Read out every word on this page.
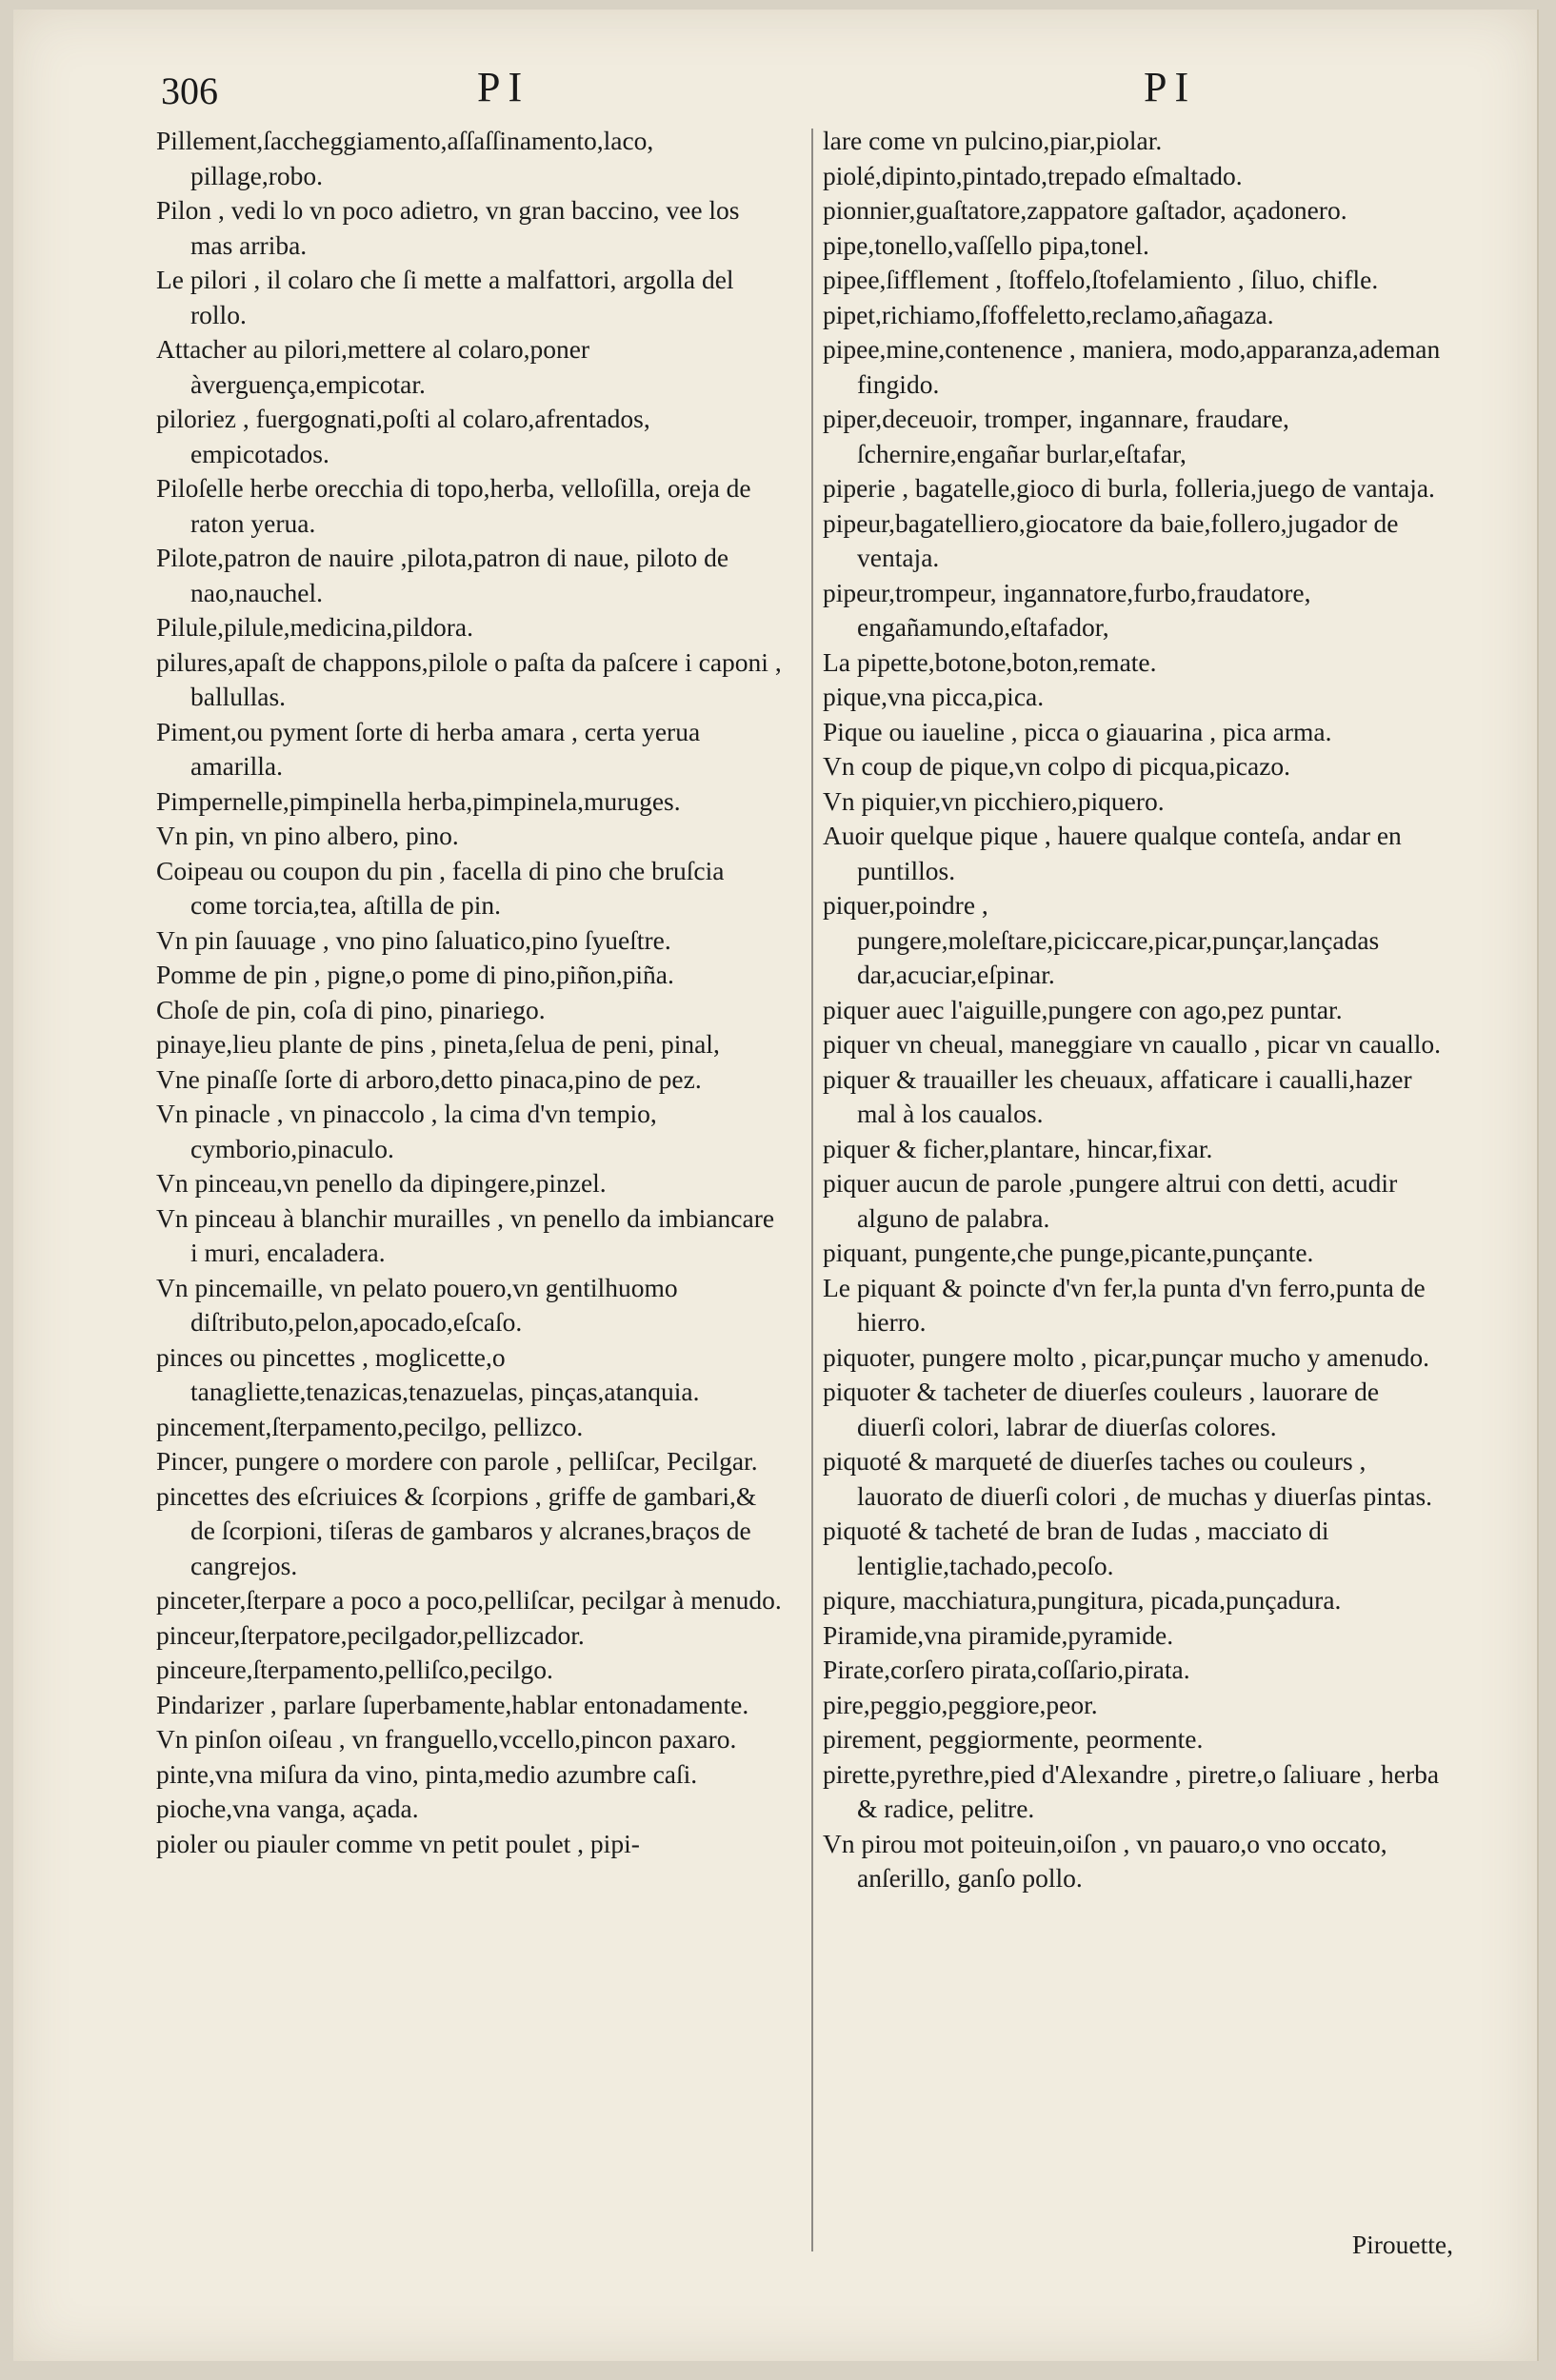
306	PI	PI

Pillement,ſaccheggiamento,aſſaſſinamento,laco, pillage,robo.

Pilon , vedi lo vn poco adietro, vn gran baccino, vee los mas arriba.

Le pilori , il colaro che ſi mette a malfattori, argolla del rollo.

Attacher au pilori,mettere al colaro,poner àverguença,empicotar.

piloriez , fuergognati,poſti al colaro,afrentados, empicotados.

Piloſelle herbe orecchia di topo,herba, velloſilla, oreja de raton yerua.

Pilote,patron de nauire ,pilota,patron di naue, piloto de nao,nauchel.

Pilule,pilule,medicina,pildora.

pilures,apaſt de chappons,pilole o paſta da paſcere i caponi , ballullas.

Piment,ou pyment ſorte di herba amara , certa yerua amarilla.

Pimpernelle,pimpinella herba,pimpinela,muruges.

Vn pin, vn pino albero, pino.

Coipeau ou coupon du pin , facella di pino che bruſcia come torcia,tea, aſtilla de pin.

Vn pin ſauuage , vno pino ſaluatico,pino ſyueſtre.

Pomme de pin , pigne,o pome di pino,piñon,piña.

Choſe de pin, coſa di pino, pinariego.

pinaye,lieu plante de pins , pineta,ſelua de peni, pinal,

Vne pinaſſe ſorte di arboro,detto pinaca,pino de pez.

Vn pinacle , vn pinaccolo , la cima d'vn tempio, cymborio,pinaculo.

Vn pinceau,vn penello da dipingere,pinzel.

Vn pinceau à blanchir murailles , vn penello da imbiancare i muri, encaladera.

Vn pincemaille, vn pelato pouero,vn gentilhuomo diſtributo,pelon,apocado,eſcaſo.

pinces ou pincettes , moglicette,o tanagliette,tenazicas,tenazuelas, pinças,atanquia.

pincement,ſterpamento,pecilgo, pellizco.

Pincer, pungere o mordere con parole , pelliſcar, Pecilgar.

pincettes des eſcriuices & ſcorpions , griffe de gambari,& de ſcorpioni, tiſeras de gambaros y alcranes,braços de cangrejos.

pinceter,ſterpare a poco a poco,pelliſcar, pecilgar à menudo.

pinceur,ſterpatore,pecilgador,pellizcador.

pinceure,ſterpamento,pelliſco,pecilgo.

Pindarizer , parlare ſuperbamente,hablar entonadamente.

Vn pinſon oiſeau , vn franguello,vccello,pincon paxaro.

pinte,vna miſura da vino, pinta,medio azumbre caſi.

pioche,vna vanga, açada.

pioler ou piauler comme vn petit poulet , pipi-

lare come vn pulcino,piar,piolar.

piolé,dipinto,pintado,trepado eſmaltado.

pionnier,guaſtatore,zappatore gaſtador, açadonero.

pipe,tonello,vaſſello pipa,tonel.

pipee,ſifflement , ſtoffelo,ſtofelamiento , ſiluo, chifle.

pipet,richiamo,ſfoffeletto,reclamo,añagaza.

pipee,mine,contenence , maniera, modo,apparanza,ademan fingido.

piper,deceuoir, tromper, ingannare, fraudare, ſchernire,engañar burlar,eſtafar,

piperie , bagatelle,gioco di burla, folleria,juego de vantaja.

pipeur,bagatelliero,giocatore da baie,follero,jugador de ventaja.

pipeur,trompeur, ingannatore,furbo,fraudatore, engañamundo,eſtafador,

La pipette,botone,boton,remate.

pique,vna picca,pica.

Pique ou iaueline , picca o giauarina , pica arma.

Vn coup de pique,vn colpo di picqua,picazo.

Vn piquier,vn picchiero,piquero.

Auoir quelque pique , hauere qualque conteſa, andar en puntillos.

piquer,poindre , pungere,moleſtare,piciccare,picar,punçar,lançadas dar,acuciar,eſpinar.

piquer auec l'aiguille,pungere con ago,pez puntar.

piquer vn cheual, maneggiare vn cauallo , picar vn cauallo.

piquer & trauailler les cheuaux, affaticare i caualli,hazer mal à los caualos.

piquer & ficher,plantare, hincar,fixar.

piquer aucun de parole ,pungere altrui con detti, acudir alguno de palabra.

piquant, pungente,che punge,picante,punçante.

Le piquant & poincte d'vn fer,la punta d'vn ferro,punta de hierro.

piquoter, pungere molto , picar,punçar mucho y amenudo.

piquoter & tacheter de diuerſes couleurs , lauorare de diuerſi colori, labrar de diuerſas colores.

piquoté & marqueté de diuerſes taches ou couleurs , lauorato de diuerſi colori , de muchas y diuerſas pintas.

piquoté & tacheté de bran de Iudas , macciato di lentiglie,tachado,pecoſo.

piqure, macchiatura,pungitura, picada,punçadura.

Piramide,vna piramide,pyramide.

Pirate,corſero pirata,coſſario,pirata.

pire,peggio,peggiore,peor.

pirement, peggiormente, peormente.

pirette,pyrethre,pied d'Alexandre , piretre,o ſaliuare , herba & radice, pelitre.

Vn pirou mot poiteuin,oiſon , vn pauaro,o vno occato, anſerillo, ganſo pollo.

Pirouette,
